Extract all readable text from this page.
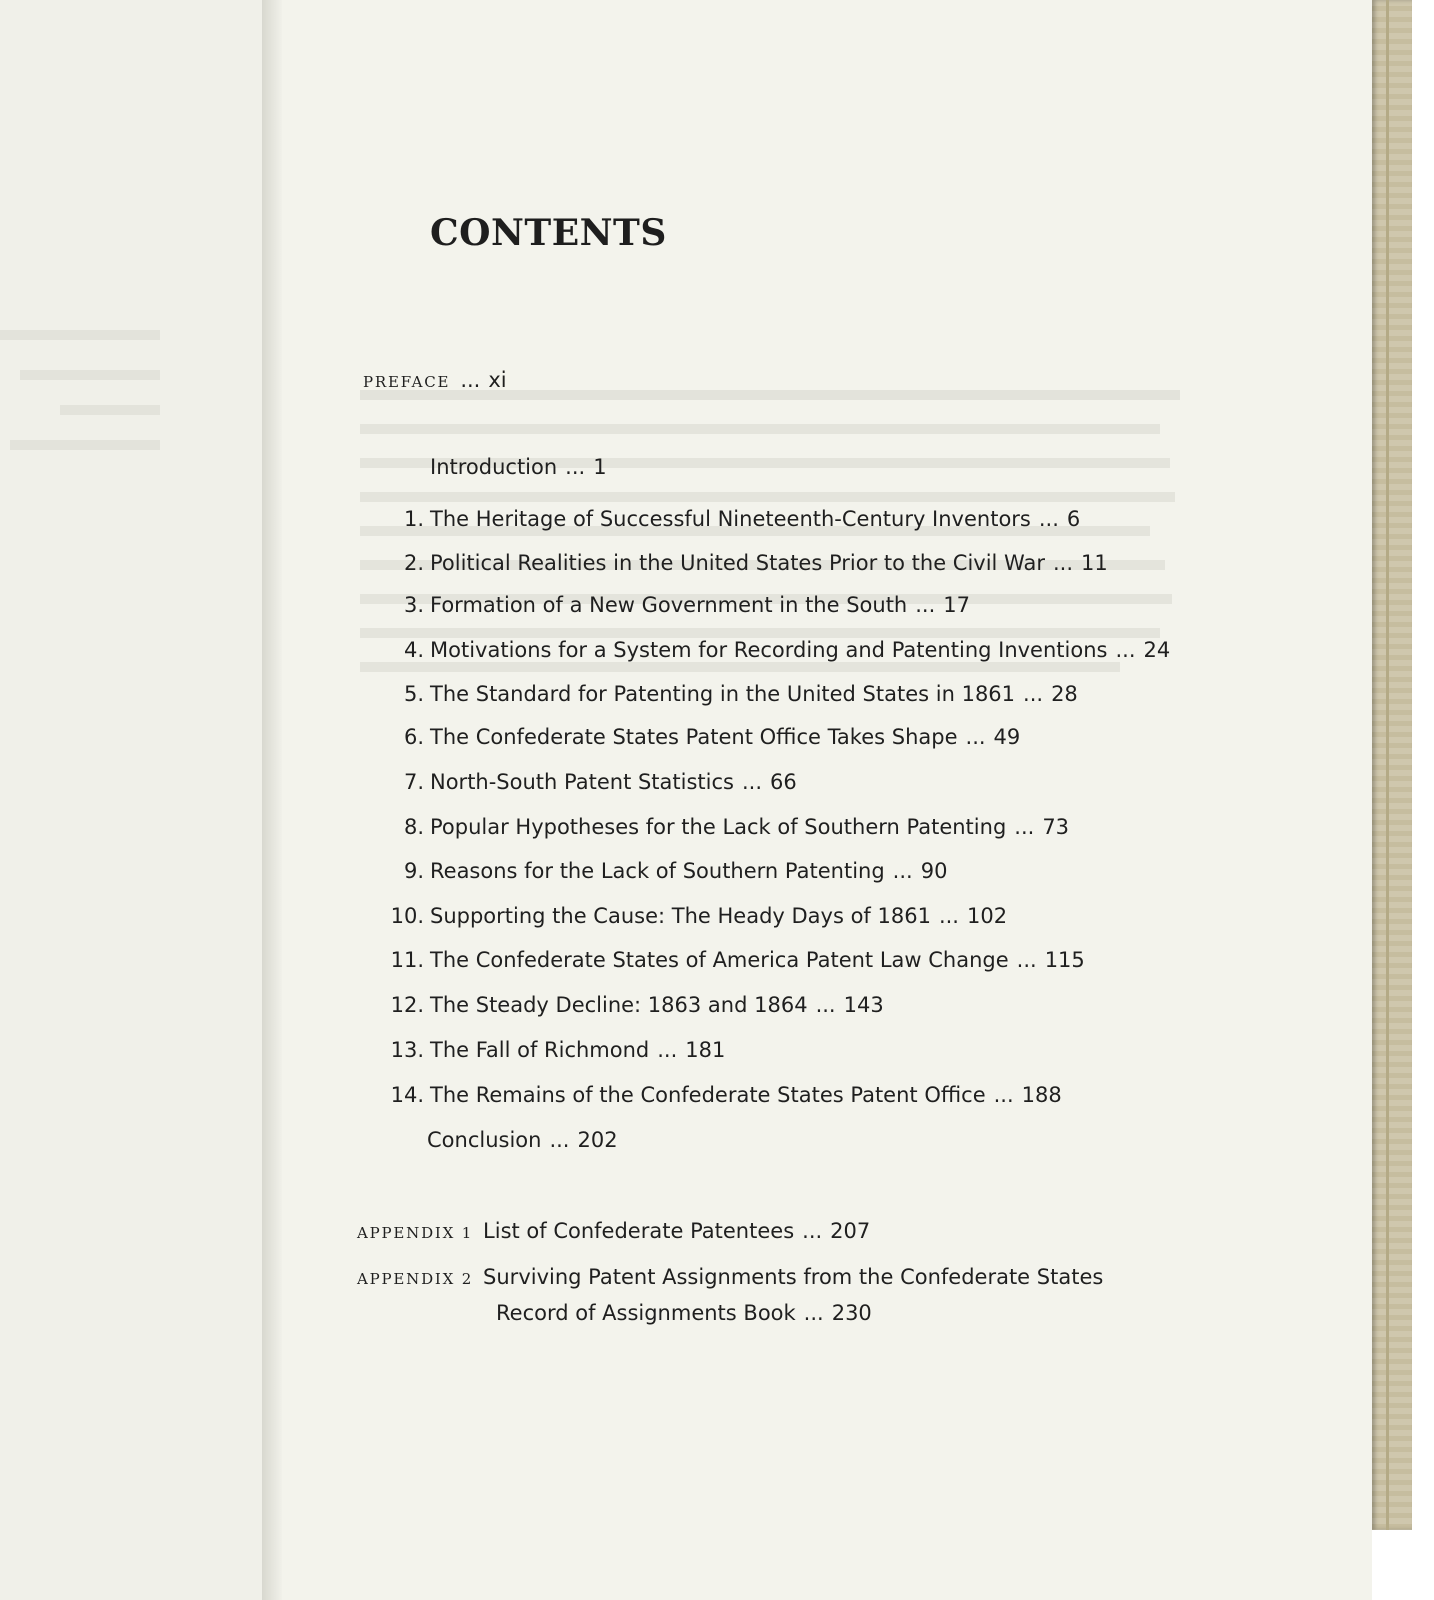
CONTENTS
PREFACE ... xi
Introduction ... 1
1. The Heritage of Successful Nineteenth-Century Inventors ... 6
2. Political Realities in the United States Prior to the Civil War ... 11
3. Formation of a New Government in the South ... 17
4. Motivations for a System for Recording and Patenting Inventions ... 24
5. The Standard for Patenting in the United States in 1861 ... 28
6. The Confederate States Patent Office Takes Shape ... 49
7. North-South Patent Statistics ... 66
8. Popular Hypotheses for the Lack of Southern Patenting ... 73
9. Reasons for the Lack of Southern Patenting ... 90
10. Supporting the Cause: The Heady Days of 1861 ... 102
11. The Confederate States of America Patent Law Change ... 115
12. The Steady Decline: 1863 and 1864 ... 143
13. The Fall of Richmond ... 181
14. The Remains of the Confederate States Patent Office ... 188
Conclusion ... 202
APPENDIX 1 List of Confederate Patentees ... 207
APPENDIX 2 Surviving Patent Assignments from the Confederate States
Record of Assignments Book ... 230
